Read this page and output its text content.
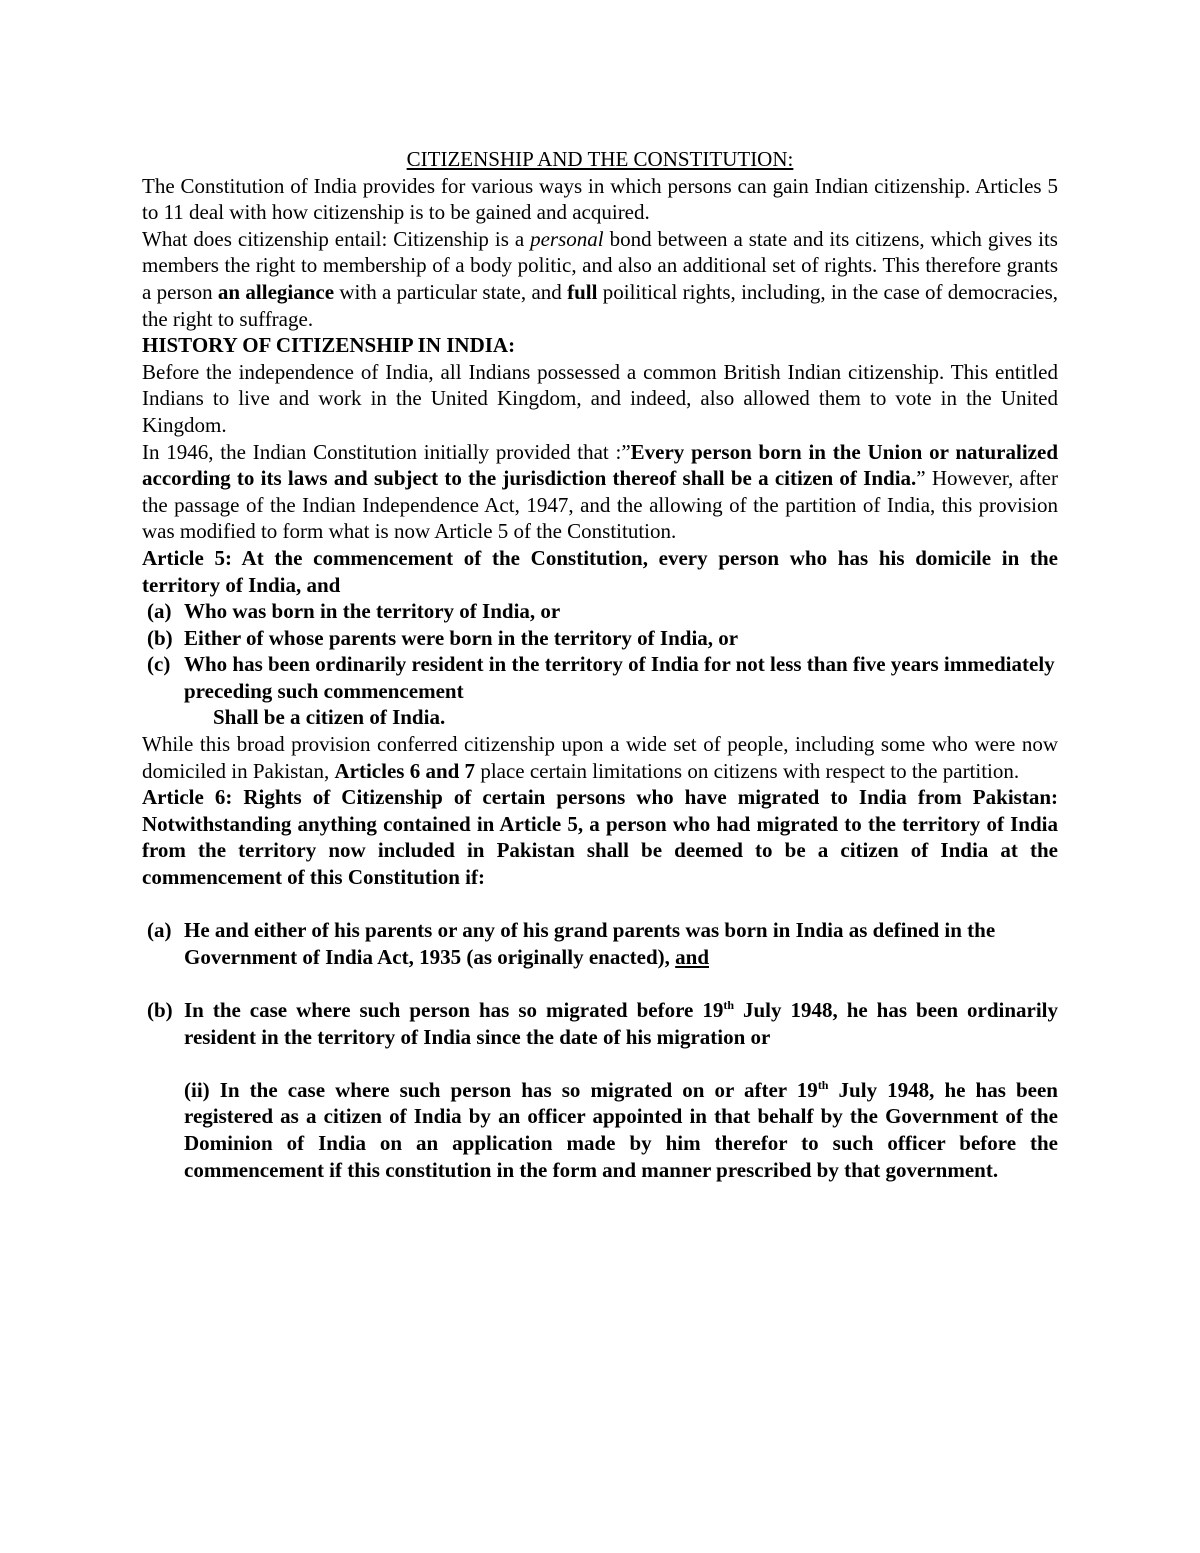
CITIZENSHIP AND THE CONSTITUTION:

The Constitution of India provides for various ways in which persons can gain Indian citizenship. Articles 5 to 11 deal with how citizenship is to be gained and acquired.

What does citizenship entail: Citizenship is a personal bond between a state and its citizens, which gives its members the right to membership of a body politic, and also an additional set of rights. This therefore grants a person an allegiance with a particular state, and full poilitical rights, including, in the case of democracies, the right to suffrage.

HISTORY OF CITIZENSHIP IN INDIA:

Before the independence of India, all Indians possessed a common British Indian citizenship. This entitled Indians to live and work in the United Kingdom, and indeed, also allowed them to vote in the United Kingdom.

In 1946, the Indian Constitution initially provided that :”Every person born in the Union or naturalized according to its laws and subject to the jurisdiction thereof shall be a citizen of India.” However, after the passage of the Indian Independence Act, 1947, and the allowing of the partition of India, this provision was modified to form what is now Article 5 of the Constitution.

Article 5: At the commencement of the Constitution, every person who has his domicile in the territory of India, and

(a) Who was born in the territory of India, or
(b) Either of whose parents were born in the territory of India, or
(c) Who has been ordinarily resident in the territory of India for not less than five years immediately preceding such commencement

Shall be a citizen of India.

While this broad provision conferred citizenship upon a wide set of people, including some who were now domiciled in Pakistan, Articles 6 and 7 place certain limitations on citizens with respect to the partition.

Article 6: Rights of Citizenship of certain persons who have migrated to India from Pakistan: Notwithstanding anything contained in Article 5, a person who had migrated to the territory of India from the territory now included in Pakistan shall be deemed to be a citizen of India at the commencement of this Constitution if:

(a) He and either of his parents or any of his grand parents was born in India as defined in the Government of India Act, 1935 (as originally enacted), and
(b) In the case where such person has so migrated before 19th July 1948, he has been ordinarily resident in the territory of India since the date of his migration or
(ii) In the case where such person has so migrated on or after 19th July 1948, he has been registered as a citizen of India by an officer appointed in that behalf by the Government of the Dominion of India on an application made by him therefor to such officer before the commencement if this constitution in the form and manner prescribed by that government.
